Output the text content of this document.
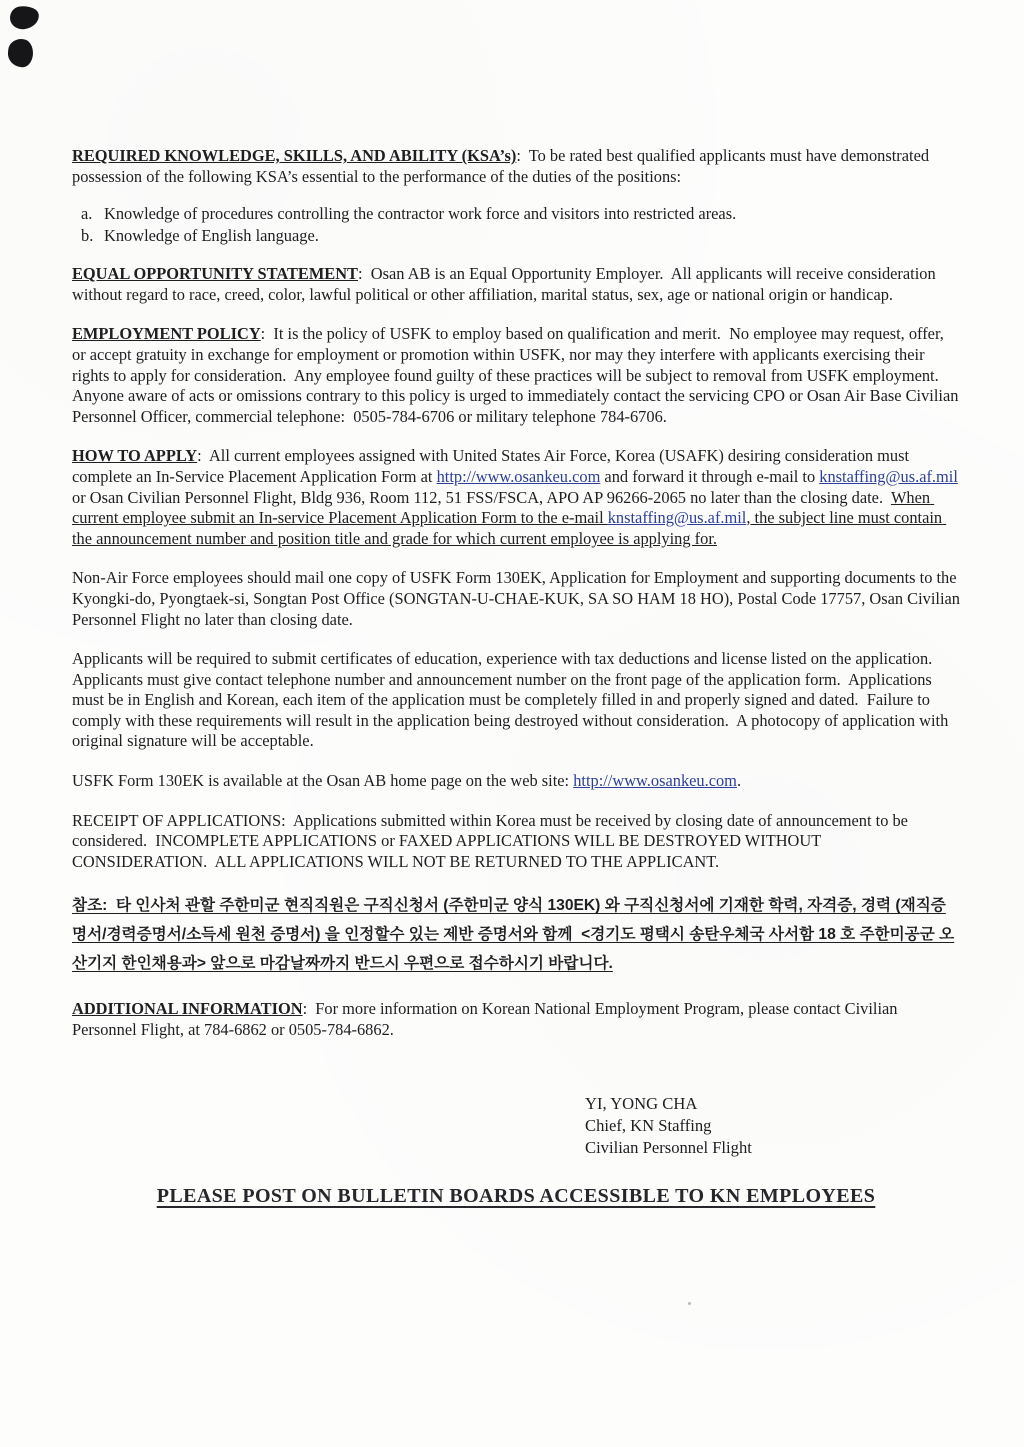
REQUIRED KNOWLEDGE, SKILLS, AND ABILITY (KSA’s):  To be rated best qualified applicants must have demonstrated possession of the following KSA’s essential to the performance of the duties of the positions:

a. Knowledge of procedures controlling the contractor work force and visitors into restricted areas.
b. Knowledge of English language.

EQUAL OPPORTUNITY STATEMENT:  Osan AB is an Equal Opportunity Employer.  All applicants will receive consideration without regard to race, creed, color, lawful political or other affiliation, marital status, sex, age or national origin or handicap.

EMPLOYMENT POLICY:  It is the policy of USFK to employ based on qualification and merit.  No employee may request, offer, or accept gratuity in exchange for employment or promotion within USFK, nor may they interfere with applicants exercising their rights to apply for consideration.  Any employee found guilty of these practices will be subject to removal from USFK employment.  Anyone aware of acts or omissions contrary to this policy is urged to immediately contact the servicing CPO or Osan Air Base Civilian Personnel Officer, commercial telephone:  0505-784-6706 or military telephone 784-6706.

HOW TO APPLY:  All current employees assigned with United States Air Force, Korea (USAFK) desiring consideration must complete an In-Service Placement Application Form at http://www.osankeu.com and forward it through e-mail to knstaffing@us.af.mil or Osan Civilian Personnel Flight, Bldg 936, Room 112, 51 FSS/FSCA, APO AP 96266-2065 no later than the closing date.  When current employee submit an In-service Placement Application Form to the e-mail knstaffing@us.af.mil, the subject line must contain the announcement number and position title and grade for which current employee is applying for.

Non-Air Force employees should mail one copy of USFK Form 130EK, Application for Employment and supporting documents to the Kyongki-do, Pyongtaek-si, Songtan Post Office (SONGTAN-U-CHAE-KUK, SA SO HAM 18 HO), Postal Code 17757, Osan Civilian Personnel Flight no later than closing date.

Applicants will be required to submit certificates of education, experience with tax deductions and license listed on the application.  Applicants must give contact telephone number and announcement number on the front page of the application form.  Applications must be in English and Korean, each item of the application must be completely filled in and properly signed and dated.  Failure to comply with these requirements will result in the application being destroyed without consideration.  A photocopy of application with original signature will be acceptable.

USFK Form 130EK is available at the Osan AB home page on the web site: http://www.osankeu.com.

RECEIPT OF APPLICATIONS:  Applications submitted within Korea must be received by closing date of announcement to be considered.  INCOMPLETE APPLICATIONS or FAXED APPLICATIONS WILL BE DESTROYED WITHOUT CONSIDERATION.  ALL APPLICATIONS WILL NOT BE RETURNED TO THE APPLICANT.

참조:  타 인사처 관할 주한미군 현직직원은 구직신청서 (주한미군 양식 130EK) 와 구직신청서에 기재한 학력, 자격증, 경력 (재직증명서/경력증명서/소득세 원천 증명서) 을 인정할수 있는 제반 증명서와 함께  <경기도 평택시 송탄우체국 사서함 18 호 주한미공군 오산기지 한인채용과> 앞으로 마감날짜까지 반드시 우편으로 접수하시기 바랍니다.

ADDITIONAL INFORMATION:  For more information on Korean National Employment Program, please contact Civilian Personnel Flight, at 784-6862 or 0505-784-6862.

YI, YONG CHA
Chief, KN Staffing
Civilian Personnel Flight
PLEASE POST ON BULLETIN BOARDS ACCESSIBLE TO KN EMPLOYEES
